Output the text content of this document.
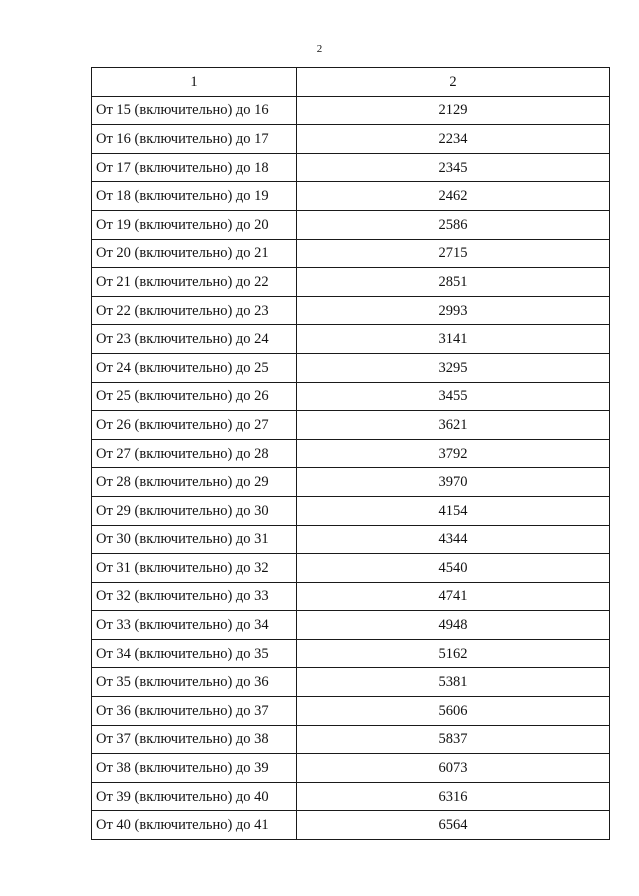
2
1	2
От 15 (включительно) до 16	2129
От 16 (включительно) до 17	2234
От 17 (включительно) до 18	2345
От 18 (включительно) до 19	2462
От 19 (включительно) до 20	2586
От 20 (включительно) до 21	2715
От 21 (включительно) до 22	2851
От 22 (включительно) до 23	2993
От 23 (включительно) до 24	3141
От 24 (включительно) до 25	3295
От 25 (включительно) до 26	3455
От 26 (включительно) до 27	3621
От 27 (включительно) до 28	3792
От 28 (включительно) до 29	3970
От 29 (включительно) до 30	4154
От 30 (включительно) до 31	4344
От 31 (включительно) до 32	4540
От 32 (включительно) до 33	4741
От 33 (включительно) до 34	4948
От 34 (включительно) до 35	5162
От 35 (включительно) до 36	5381
От 36 (включительно) до 37	5606
От 37 (включительно) до 38	5837
От 38 (включительно) до 39	6073
От 39 (включительно) до 40	6316
От 40 (включительно) до 41	6564
